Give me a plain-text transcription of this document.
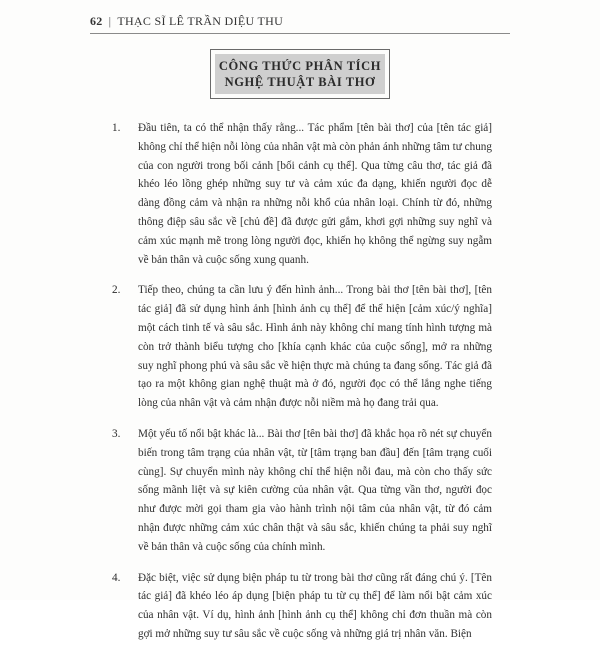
62 | THẠC SĨ LÊ TRẦN DIỆU THU
CÔNG THỨC PHÂN TÍCH
NGHỆ THUẬT BÀI THƠ
1.	Đầu tiên, ta có thể nhận thấy rằng... Tác phẩm [tên bài thơ] của [tên tác giả] không chỉ thể hiện nỗi lòng của nhân vật mà còn phản ánh những tâm tư chung của con người trong bối cảnh [bối cảnh cụ thể]. Qua từng câu thơ, tác giả đã khéo léo lồng ghép những suy tư và cảm xúc đa dạng, khiến người đọc dễ dàng đồng cảm và nhận ra những nỗi khổ của nhân loại. Chính từ đó, những thông điệp sâu sắc về [chủ đề] đã được gửi gắm, khơi gợi những suy nghĩ và cảm xúc mạnh mẽ trong lòng người đọc, khiến họ không thể ngừng suy ngẫm về bản thân và cuộc sống xung quanh.
2.	Tiếp theo, chúng ta cần lưu ý đến hình ảnh... Trong bài thơ [tên bài thơ], [tên tác giả] đã sử dụng hình ảnh [hình ảnh cụ thể] để thể hiện [cảm xúc/ý nghĩa] một cách tinh tế và sâu sắc. Hình ảnh này không chỉ mang tính hình tượng mà còn trở thành biểu tượng cho [khía cạnh khác của cuộc sống], mở ra những suy nghĩ phong phú và sâu sắc về hiện thực mà chúng ta đang sống. Tác giả đã tạo ra một không gian nghệ thuật mà ở đó, người đọc có thể lắng nghe tiếng lòng của nhân vật và cảm nhận được nỗi niềm mà họ đang trải qua.
3.	Một yếu tố nổi bật khác là... Bài thơ [tên bài thơ] đã khắc họa rõ nét sự chuyển biến trong tâm trạng của nhân vật, từ [tâm trạng ban đầu] đến [tâm trạng cuối cùng]. Sự chuyển mình này không chỉ thể hiện nỗi đau, mà còn cho thấy sức sống mãnh liệt và sự kiên cường của nhân vật. Qua từng vần thơ, người đọc như được mời gọi tham gia vào hành trình nội tâm của nhân vật, từ đó cảm nhận được những cảm xúc chân thật và sâu sắc, khiến chúng ta phải suy nghĩ về bản thân và cuộc sống của chính mình.
4.	Đặc biệt, việc sử dụng biện pháp tu từ trong bài thơ cũng rất đáng chú ý. [Tên tác giả] đã khéo léo áp dụng [biện pháp tu từ cụ thể] để làm nổi bật cảm xúc của nhân vật. Ví dụ, hình ảnh [hình ảnh cụ thể] không chỉ đơn thuần mà còn gợi mở những suy tư sâu sắc về cuộc sống và những giá trị nhân văn. Biện
